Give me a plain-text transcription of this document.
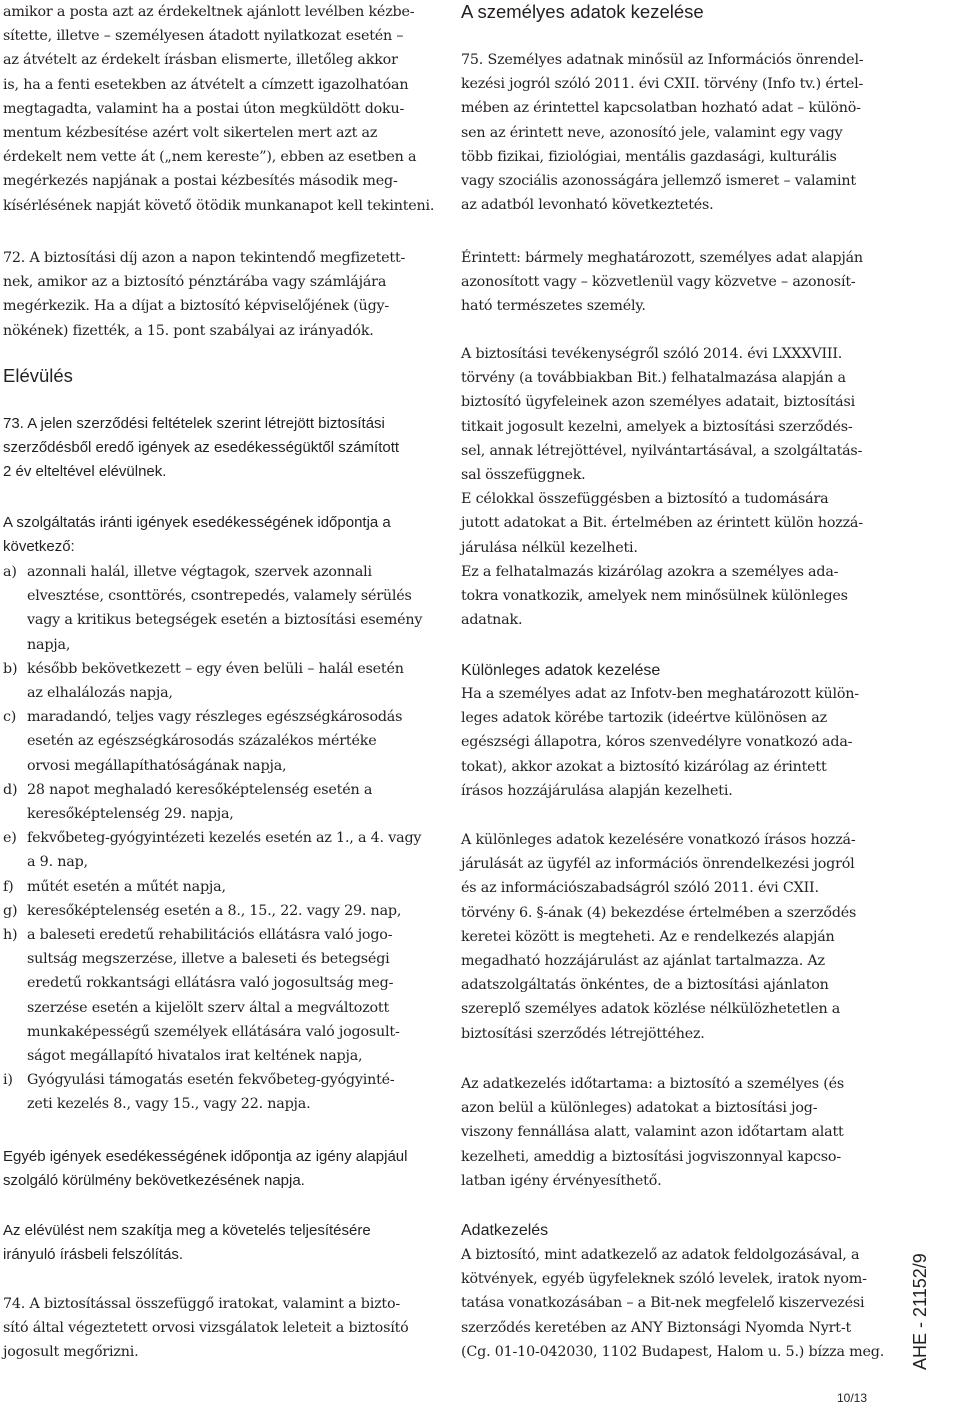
amikor a posta azt az érdekeltnek ajánlott levélben kézbe-

sítette, illetve – személyesen átadott nyilatkozat esetén –

az átvételt az érdekelt írásban elismerte, illetőleg akkor

is, ha a fenti esetekben az átvételt a címzett igazolhatóan

megtagadta, valamint ha a postai úton megküldött doku-

mentum kézbesítése azért volt sikertelen mert azt az

érdekelt nem vette át („nem kereste”), ebben az esetben a

megérkezés napjának a postai kézbesítés második meg-

kísérlésének napját követő ötödik munkanapot kell tekinteni.

72. A biztosítási díj azon a napon tekintendő megfizetett-

nek, amikor az a biztosító pénztárába vagy számlájára

megérkezik. Ha a díjat a biztosító képviselőjének (ügy-

nökének) fizették, a 15. pont szabályai az irányadók.

Elévülés

73. A jelen szerződési feltételek szerint létrejött biztosítási

szerződésből eredő igények az esedékességüktől számított

2 év elteltével elévülnek.

A szolgáltatás iránti igények esedékességének időpontja a

következő:

a) azonnali halál, illetve végtagok, szervek azonnali

elvesztése, csonttörés, csontrepedés, valamely sérülés

vagy a kritikus betegségek esetén a biztosítási esemény

napja,

b) később bekövetkezett – egy éven belüli – halál esetén

az elhalálozás napja,

c) maradandó, teljes vagy részleges egészségkárosodás

esetén az egészségkárosodás százalékos mértéke

orvosi megállapíthatóságának napja,

d) 28 napot meghaladó keresőképtelenség esetén a

keresőképtelenség 29. napja,

e) fekvőbeteg-gyógyintézeti kezelés esetén az 1., a 4. vagy

a 9. nap,

f) műtét esetén a műtét napja,

g) keresőképtelenség esetén a 8., 15., 22. vagy 29. nap,

h) a baleseti eredetű rehabilitációs ellátásra való jogo-

sultság megszerzése, illetve a baleseti és betegségi

eredetű rokkantsági ellátásra való jogosultság meg-

szerzése esetén a kijelölt szerv által a megváltozott

munkaképességű személyek ellátására való jogosult-

ságot megállapító hivatalos irat keltének napja,

i) Gyógyulási támogatás esetén fekvőbeteg-gyógyinté-

zeti kezelés 8., vagy 15., vagy 22. napja.

Egyéb igények esedékességének időpontja az igény alapjául

szolgáló körülmény bekövetkezésének napja.

Az elévülést nem szakítja meg a követelés teljesítésére

irányuló írásbeli felszólítás.

74. A biztosítással összefüggő iratokat, valamint a bizto-

sító által végeztetett orvosi vizsgálatok leleteit a biztosító

jogosult megőrizni.

A személyes adatok kezelése

75. Személyes adatnak minősül az Információs önrendel-

kezési jogról szóló 2011. évi CXII. törvény (Info tv.) értel-

mében az érintettel kapcsolatban hozható adat – különö-

sen az érintett neve, azonosító jele, valamint egy vagy

több fizikai, fiziológiai, mentális gazdasági, kulturális

vagy szociális azonosságára jellemző ismeret – valamint

az adatból levonható következtetés.

Érintett: bármely meghatározott, személyes adat alapján

azonosított vagy – közvetlenül vagy közvetve – azonosít-

ható természetes személy.

A biztosítási tevékenységről szóló 2014. évi LXXXVIII.

törvény (a továbbiakban Bit.) felhatalmazása alapján a

biztosító ügyfeleinek azon személyes adatait, biztosítási

titkait jogosult kezelni, amelyek a biztosítási szerződés-

sel, annak létrejöttével, nyilvántartásával, a szolgáltatás-

sal összefüggnek.

E célokkal összefüggésben a biztosító a tudomására

jutott adatokat a Bit. értelmében az érintett külön hozzá-

járulása nélkül kezelheti.

Ez a felhatalmazás kizárólag azokra a személyes ada-

tokra vonatkozik, amelyek nem minősülnek különleges

adatnak.

Különleges adatok kezelése

Ha a személyes adat az Infotv-ben meghatározott külön-

leges adatok körébe tartozik (ideértve különösen az

egészségi állapotra, kóros szenvedélyre vonatkozó ada-

tokat), akkor azokat a biztosító kizárólag az érintett

írásos hozzájárulása alapján kezelheti.

A különleges adatok kezelésére vonatkozó írásos hozzá-

járulását az ügyfél az információs önrendelkezési jogról

és az információszabadságról szóló 2011. évi CXII.

törvény 6. §-ának (4) bekezdése értelmében a szerződés

keretei között is megteheti. Az e rendelkezés alapján

megadható hozzájárulást az ajánlat tartalmazza. Az

adatszolgáltatás önkéntes, de a biztosítási ajánlaton

szereplő személyes adatok közlése nélkülözhetetlen a

biztosítási szerződés létrejöttéhez.

Az adatkezelés időtartama: a biztosító a személyes (és

azon belül a különleges) adatokat a biztosítási jog-

viszony fennállása alatt, valamint azon időtartam alatt

kezelheti, ameddig a biztosítási jogviszonnyal kapcso-

latban igény érvényesíthető.

Adatkezelés

A biztosító, mint adatkezelő az adatok feldolgozásával, a

kötvények, egyéb ügyfeleknek szóló levelek, iratok nyom-

tatása vonatkozásában – a Bit-nek megfelelő kiszervezési

szerződés keretében az ANY Biztonsági Nyomda Nyrt-t

(Cg. 01-10-042030, 1102 Budapest, Halom u. 5.) bízza meg. AHE - 21152/9
10/13
